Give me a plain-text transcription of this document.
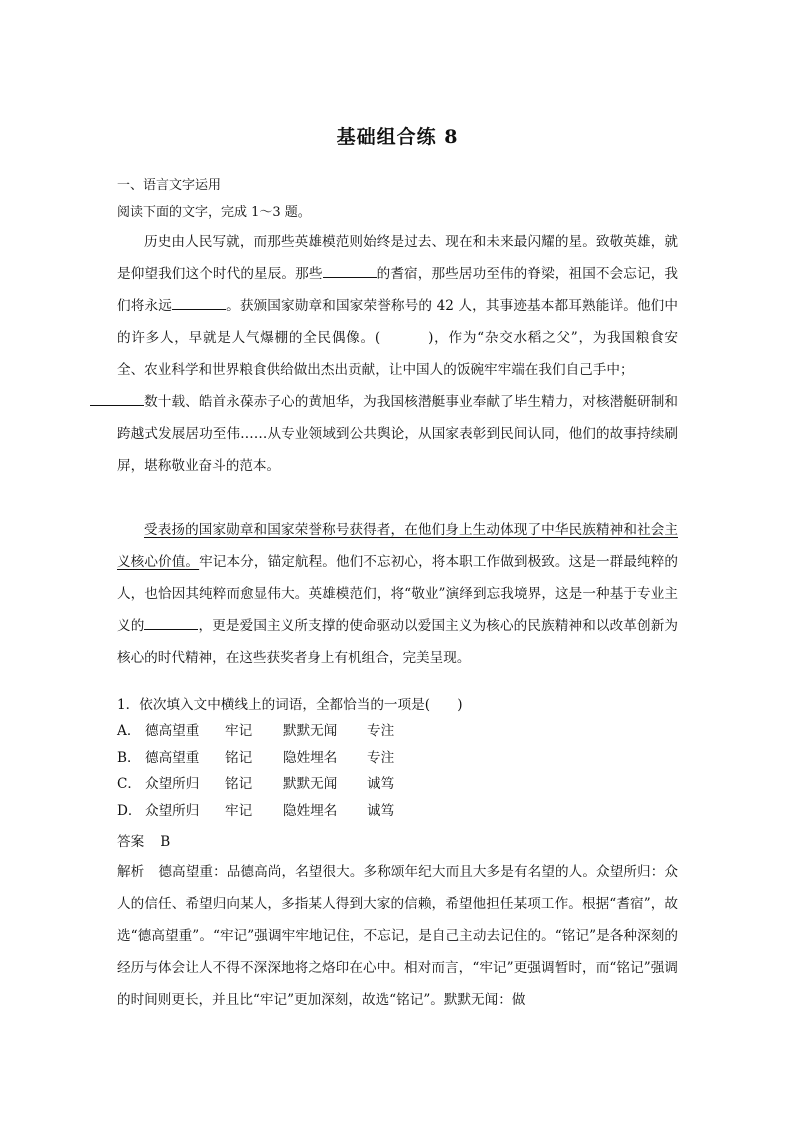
基础组合练 8
一、语言文字运用
阅读下面的文字，完成 1～3 题。
历史由人民写就，而那些英雄模范则始终是过去、现在和未来最闪耀的星。致敬英雄，就是仰望我们这个时代的星辰。那些	的耆宿，那些居功至伟的脊梁，祖国不会忘记，我们将永远	。获颁国家勋章和国家荣誉称号的 42 人，其事迹基本都耳熟能详。他们中的许多人，早就是人气爆棚的全民偶像。(	)，作为“杂交水稻之父”，为我国粮食安全、农业科学和世界粮食供给做出杰出贡献，让中国人的饭碗牢牢端在我们自己手中；
数十载、皓首永葆赤子心的黄旭华，为我国核潜艇事业奉献了毕生精力，对核潜艇研制和跨越式发展居功至伟……从专业领域到公共舆论，从国家表彰到民间认同，他们的故事持续刷屏，堪称敬业奋斗的范本。
受表扬的国家勋章和国家荣誉称号获得者，在他们身上生动体现了中华民族精神和社会主义核心价值。牢记本分，锚定航程。他们不忘初心，将本职工作做到极致。这是一群最纯粹的人，也恰因其纯粹而愈显伟大。英雄模范们，将“敬业”演绎到忘我境界，这是一种基于专业主义的	，更是爱国主义所支撑的使命驱动以爱国主义为核心的民族精神和以改革创新为核心的时代精神，在这些获奖者身上有机组合，完美呈现。
1．依次填入文中横线上的词语，全都恰当的一项是(　　)
A． 德高望重	牢记	默默无闻	专注
B． 德高望重	铭记	隐姓埋名	专注
C． 众望所归	铭记	默默无闻	诚笃
D． 众望所归	牢记	隐姓埋名	诚笃
答案 B
解析 德高望重：品德高尚，名望很大。多称颂年纪大而且大多是有名望的人。众望所归：众人的信任、希望归向某人，多指某人得到大家的信赖，希望他担任某项工作。根据“耆宿”，故选“德高望重”。“牢记”强调牢牢地记住，不忘记，是自己主动去记住的。“铭记”是各种深刻的经历与体会让人不得不深深地将之烙印在心中。相对而言，“牢记”更强调暂时，而“铭记”强调的时间则更长，并且比“牢记”更加深刻，故选“铭记”。默默无闻：做
